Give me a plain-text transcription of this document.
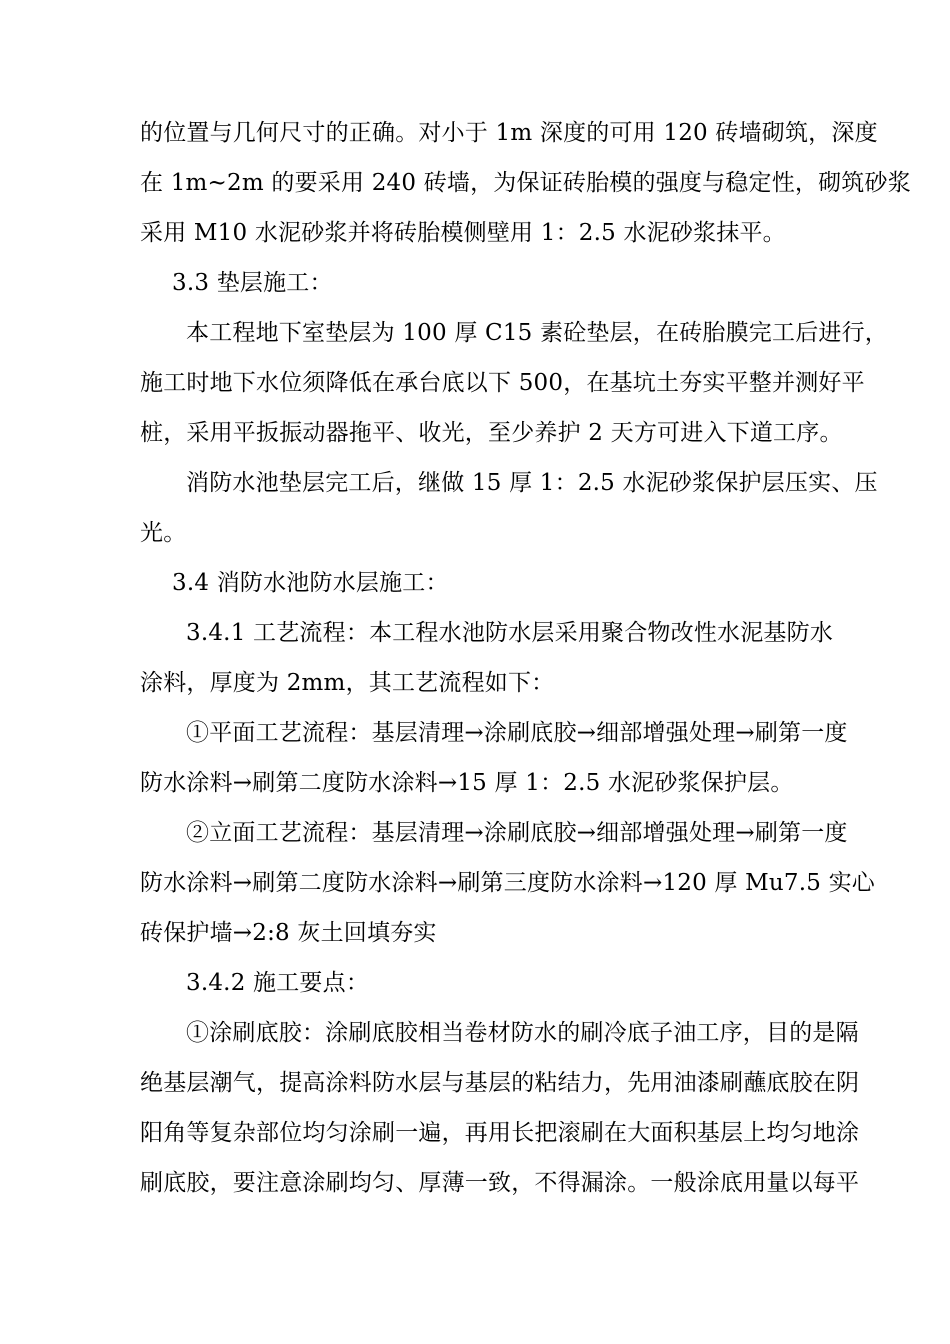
的位置与几何尺寸的正确。对小于 1m 深度的可用 120 砖墙砌筑，深度
在 1m~2m 的要采用 240 砖墙，为保证砖胎模的强度与稳定性，砌筑砂浆
采用 M10 水泥砂浆并将砖胎模侧壁用 1：2.5 水泥砂浆抹平。
3.3 垫层施工：
本工程地下室垫层为 100 厚 C15 素砼垫层，在砖胎膜完工后进行，
施工时地下水位须降低在承台底以下 500，在基坑土夯实平整并测好平
桩，采用平扳振动器拖平、收光，至少养护 2 天方可进入下道工序。
消防水池垫层完工后，继做 15 厚 1：2.5 水泥砂浆保护层压实、压
光。
3.4 消防水池防水层施工：
3.4.1 工艺流程：本工程水池防水层采用聚合物改性水泥基防水
涂料，厚度为 2mm，其工艺流程如下：
①平面工艺流程：基层清理→涂刷底胶→细部增强处理→刷第一度
防水涂料→刷第二度防水涂料→15 厚 1：2.5 水泥砂浆保护层。
②立面工艺流程：基层清理→涂刷底胶→细部增强处理→刷第一度
防水涂料→刷第二度防水涂料→刷第三度防水涂料→120 厚 Mu7.5 实心
砖保护墙→2:8 灰土回填夯实
3.4.2 施工要点：
①涂刷底胶：涂刷底胶相当卷材防水的刷冷底子油工序，目的是隔
绝基层潮气，提高涂料防水层与基层的粘结力，先用油漆刷蘸底胶在阴
阳角等复杂部位均匀涂刷一遍，再用长把滚刷在大面积基层上均匀地涂
刷底胶，要注意涂刷均匀、厚薄一致，不得漏涂。一般涂底用量以每平
